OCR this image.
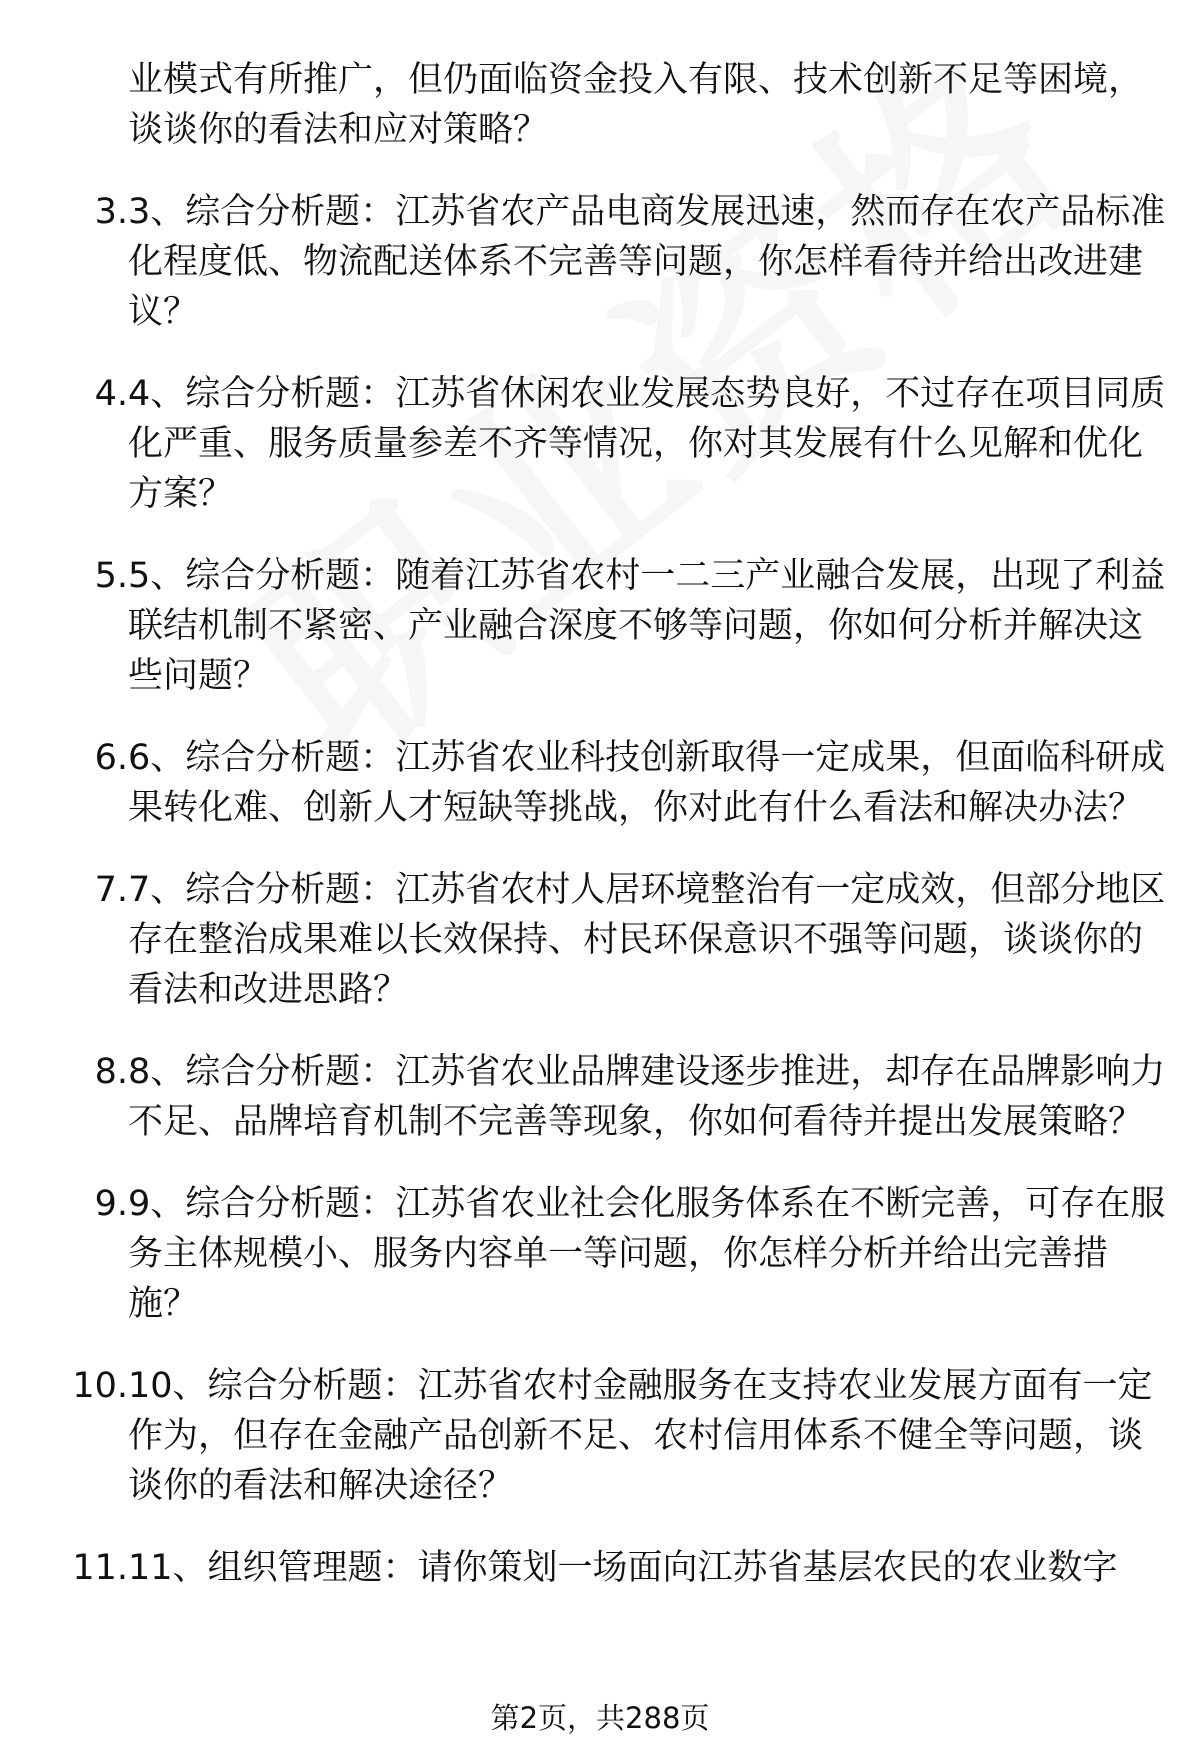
业模式有所推广，但仍面临资金投入有限、技术创新不足等困境，谈谈你的看法和应对策略？
3. 3、综合分析题：江苏省农产品电商发展迅速，然而存在农产品标准化程度低、物流配送体系不完善等问题，你怎样看待并给出改进建议？
4. 4、综合分析题：江苏省休闲农业发展态势良好，不过存在项目同质化严重、服务质量参差不齐等情况，你对其发展有什么见解和优化方案？
5. 5、综合分析题：随着江苏省农村一二三产业融合发展，出现了利益联结机制不紧密、产业融合深度不够等问题，你如何分析并解决这些问题？
6. 6、综合分析题：江苏省农业科技创新取得一定成果，但面临科研成果转化难、创新人才短缺等挑战，你对此有什么看法和解决办法？
7. 7、综合分析题：江苏省农村人居环境整治有一定成效，但部分地区存在整治成果难以长效保持、村民环保意识不强等问题，谈谈你的看法和改进思路？
8. 8、综合分析题：江苏省农业品牌建设逐步推进，却存在品牌影响力不足、品牌培育机制不完善等现象，你如何看待并提出发展策略？
9. 9、综合分析题：江苏省农业社会化服务体系在不断完善，可存在服务主体规模小、服务内容单一等问题，你怎样分析并给出完善措施？
10. 10、综合分析题：江苏省农村金融服务在支持农业发展方面有一定作为，但存在金融产品创新不足、农村信用体系不健全等问题，谈谈你的看法和解决途径？
11. 11、组织管理题：请你策划一场面向江苏省基层农民的农业数字
第2页，共288页
